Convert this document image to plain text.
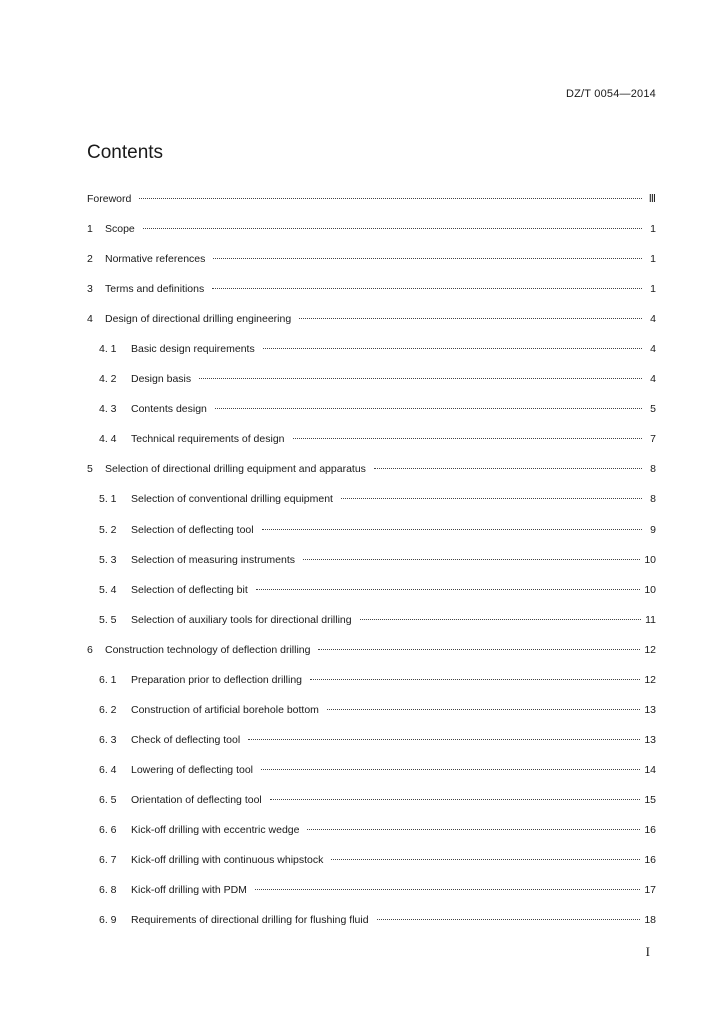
DZ/T 0054—2014
Contents
Foreword	Ⅲ
1	Scope	1
2	Normative references	1
3	Terms and definitions	1
4	Design of directional drilling engineering	4
4. 1	Basic design requirements	4
4. 2	Design basis	4
4. 3	Contents design	5
4. 4	Technical requirements of design	7
5	Selection of directional drilling equipment and apparatus	8
5. 1	Selection of conventional drilling equipment	8
5. 2	Selection of deflecting tool	9
5. 3	Selection of measuring instruments	10
5. 4	Selection of deflecting bit	10
5. 5	Selection of auxiliary tools for directional drilling	11
6	Construction technology of deflection drilling	12
6. 1	Preparation prior to deflection drilling	12
6. 2	Construction of artificial borehole bottom	13
6. 3	Check of deflecting tool	13
6. 4	Lowering of deflecting tool	14
6. 5	Orientation of deflecting tool	15
6. 6	Kick-off drilling with eccentric wedge	16
6. 7	Kick-off drilling with continuous whipstock	16
6. 8	Kick-off drilling with PDM	17
6. 9	Requirements of directional drilling for flushing fluid	18
I
